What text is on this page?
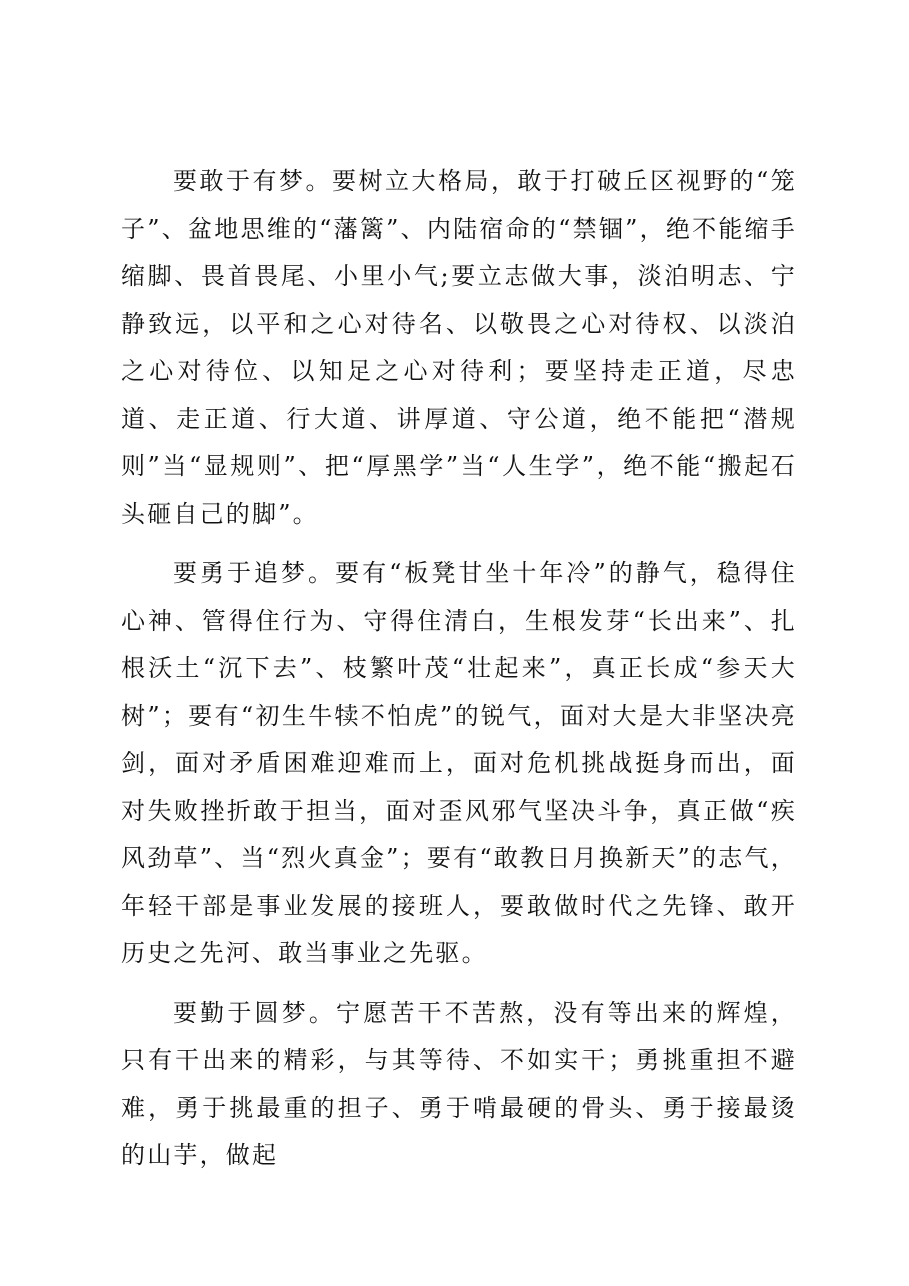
要敢于有梦。要树立大格局，敢于打破丘区视野的“笼子”、盆地思维的“藩篱”、内陆宿命的“禁锢”，绝不能缩手缩脚、畏首畏尾、小里小气;要立志做大事，淡泊明志、宁静致远，以平和之心对待名、以敬畏之心对待权、以淡泊之心对待位、以知足之心对待利；要坚持走正道，尽忠道、走正道、行大道、讲厚道、守公道，绝不能把“潜规则”当“显规则”、把“厚黑学”当“人生学”，绝不能“搬起石头砸自己的脚”。

要勇于追梦。要有“板凳甘坐十年冷”的静气，稳得住心神、管得住行为、守得住清白，生根发芽“长出来”、扎根沃土“沉下去”、枝繁叶茂“壮起来”，真正长成“参天大树”；要有“初生牛犊不怕虎”的锐气，面对大是大非坚决亮剑，面对矛盾困难迎难而上，面对危机挑战挺身而出，面对失败挫折敢于担当，面对歪风邪气坚决斗争，真正做“疾风劲草”、当“烈火真金”；要有“敢教日月换新天”的志气，年轻干部是事业发展的接班人，要敢做时代之先锋、敢开历史之先河、敢当事业之先驱。

要勤于圆梦。宁愿苦干不苦熬，没有等出来的辉煌，只有干出来的精彩，与其等待、不如实干；勇挑重担不避难，勇于挑最重的担子、勇于啃最硬的骨头、勇于接最烫的山芋，做起
